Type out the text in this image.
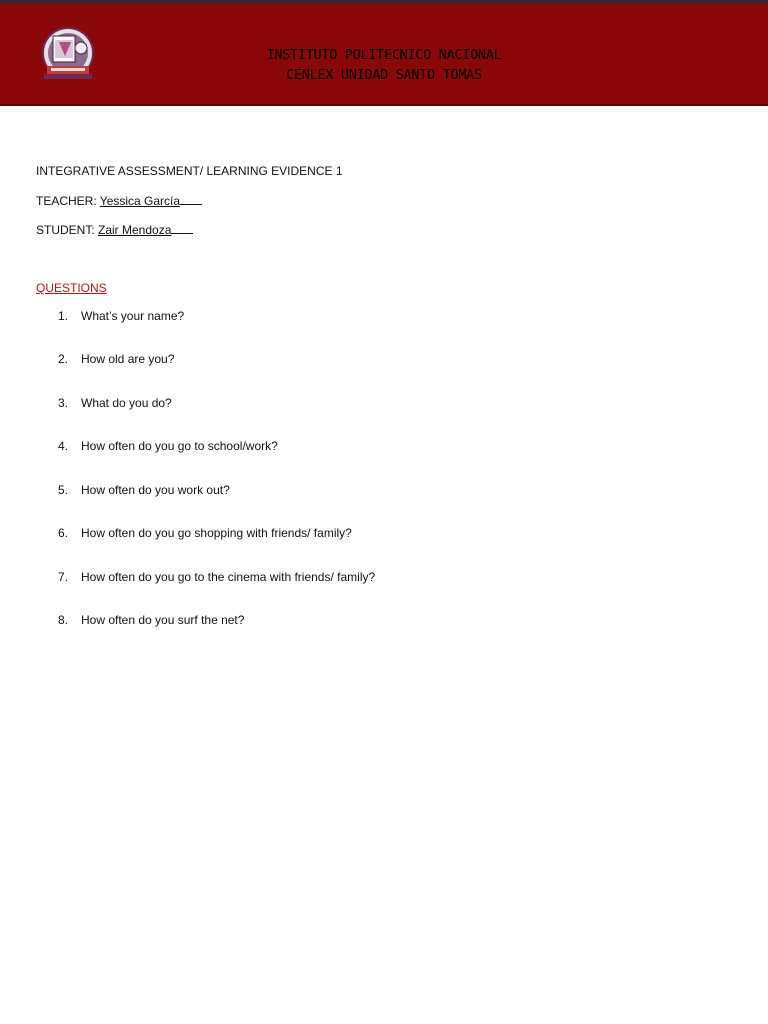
INSTITUTO POLITECNICO NACIONAL
CENLEX UNIDAD SANTO TOMAS
INTEGRATIVE ASSESSMENT/ LEARNING EVIDENCE 1
TEACHER: Yessica García
STUDENT: Zair Mendoza
QUESTIONS
1.	What’s your name?
2.	How old are you?
3.	What do you do?
4.	How often do you go to school/work?
5.	How often do you work out?
6.	How often do you go shopping with friends/ family?
7.	How often do you go to the cinema with friends/ family?
8.	How often do you surf the net?
